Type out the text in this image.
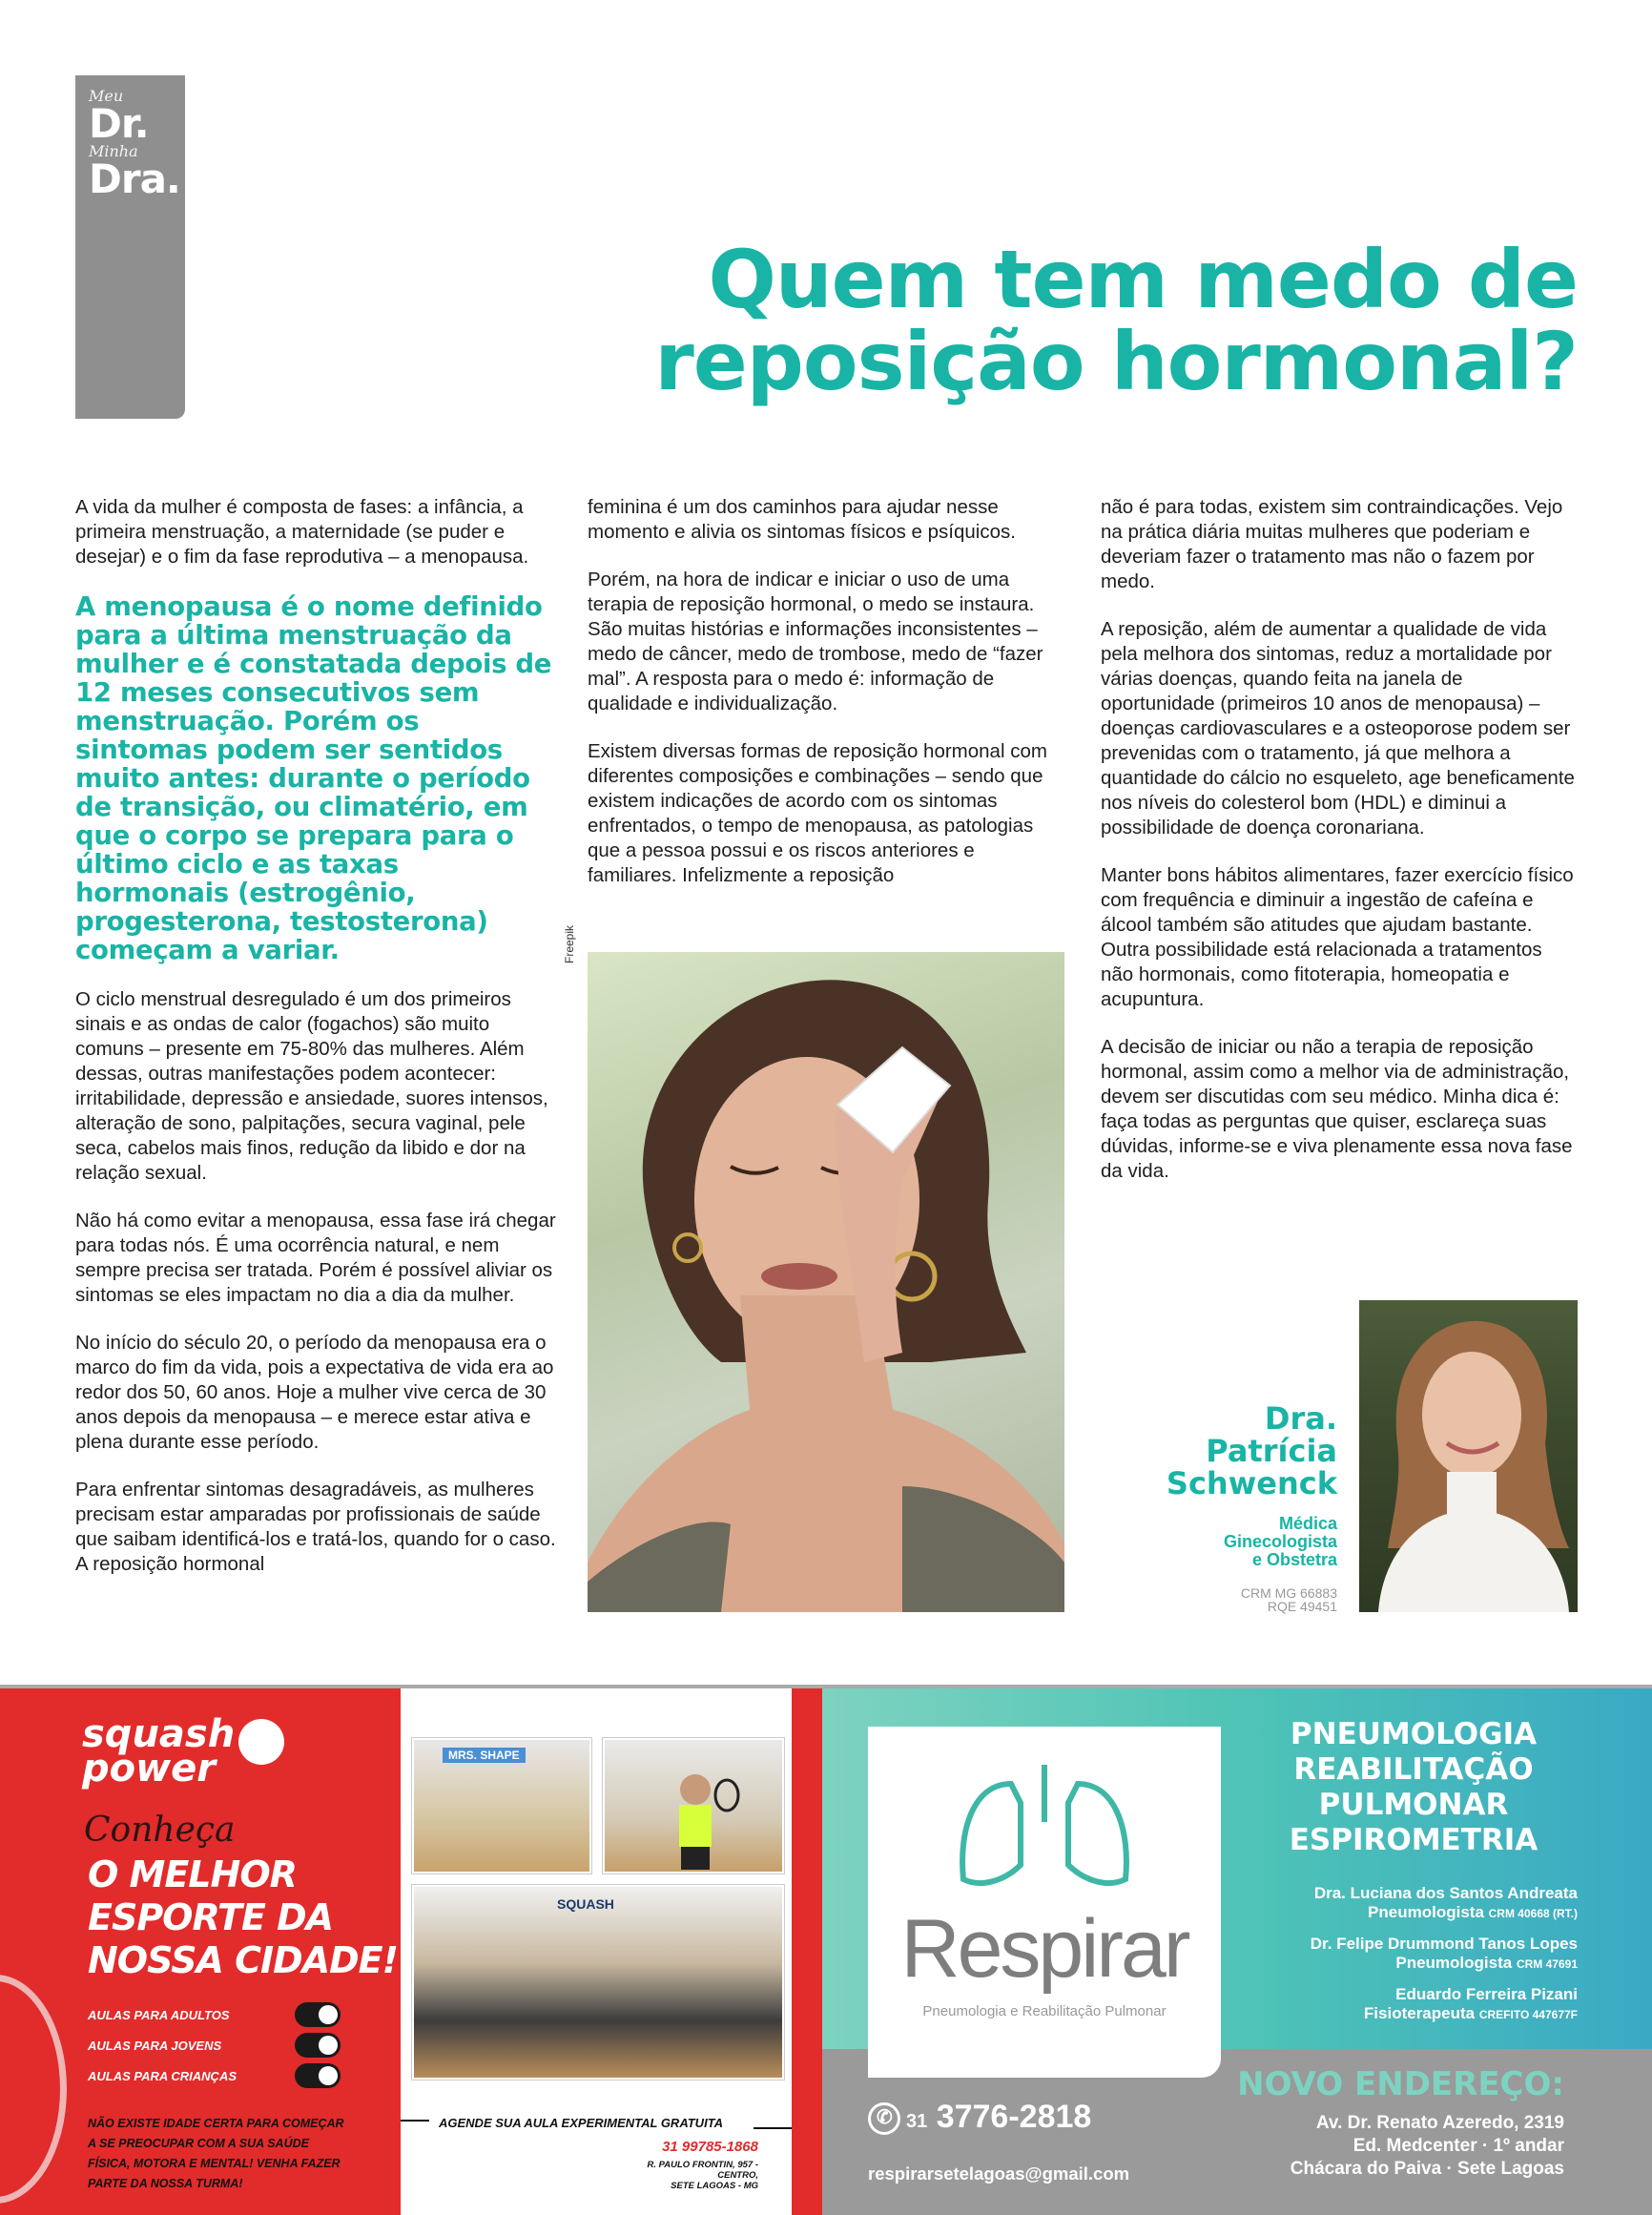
Meu
Dr.
Minha
Dra.
Quem tem medo de
reposição hormonal?

A vida da mulher é composta de fases: a infância, a primeira menstruação, a maternidade (se puder e desejar) e o fim da fase reprodutiva – a menopausa.

A menopausa é o nome definido para a última menstruação da mulher e é constatada depois de 12 meses consecutivos sem menstruação. Porém os sintomas podem ser sentidos muito antes: durante o período de transição, ou climatério, em que o corpo se prepara para o último ciclo e as taxas hormonais (estrogênio, progesterona, testosterona) começam a variar.

O ciclo menstrual desregulado é um dos primeiros sinais e as ondas de calor (fogachos) são muito comuns – presente em 75-80% das mulheres. Além dessas, outras manifestações podem acontecer: irritabilidade, depressão e ansiedade, suores intensos, alteração de sono, palpitações, secura vaginal, pele seca, cabelos mais finos, redução da libido e dor na relação sexual.

Não há como evitar a menopausa, essa fase irá chegar para todas nós. É uma ocorrência natural, e nem sempre precisa ser tratada. Porém é possível aliviar os sintomas se eles impactam no dia a dia da mulher.

No início do século 20, o período da menopausa era o marco do fim da vida, pois a expectativa de vida era ao redor dos 50, 60 anos. Hoje a mulher vive cerca de 30 anos depois da menopausa – e merece estar ativa e plena durante esse período.

Para enfrentar sintomas desagradáveis, as mulheres precisam estar amparadas por profissionais de saúde que saibam identificá-los e tratá-los, quando for o caso. A reposição hormonal

feminina é um dos caminhos para ajudar nesse momento e alivia os sintomas físicos e psíquicos.

Porém, na hora de indicar e iniciar o uso de uma terapia de reposição hormonal, o medo se instaura. São muitas histórias e informações inconsistentes – medo de câncer, medo de trombose, medo de “fazer mal”. A resposta para o medo é: informação de qualidade e individualização.

Existem diversas formas de reposição hormonal com diferentes composições e combinações – sendo que existem indicações de acordo com os sintomas enfrentados, o tempo de menopausa, as patologias que a pessoa possui e os riscos anteriores e familiares. Infelizmente a reposição

Freepik

não é para todas, existem sim contraindicações. Vejo na prática diária muitas mulheres que poderiam e deveriam fazer o tratamento mas não o fazem por medo.

A reposição, além de aumentar a qualidade de vida pela melhora dos sintomas, reduz a mortalidade por várias doenças, quando feita na janela de oportunidade (primeiros 10 anos de menopausa) – doenças cardiovasculares e a osteoporose podem ser prevenidas com o tratamento, já que melhora a quantidade do cálcio no esqueleto, age beneficamente nos níveis do colesterol bom (HDL) e diminui a possibilidade de doença coronariana.

Manter bons hábitos alimentares, fazer exercício físico com frequência e diminuir a ingestão de cafeína e álcool também são atitudes que ajudam bastante. Outra possibilidade está relacionada a tratamentos não hormonais, como fitoterapia, homeopatia e acupuntura.

A decisão de iniciar ou não a terapia de reposição hormonal, assim como a melhor via de administração, devem ser discutidas com seu médico. Minha dica é: faça todas as perguntas que quiser, esclareça suas dúvidas, informe-se e viva plenamente essa nova fase da vida.

Dra.
Patrícia
Schwenck
Médica
Ginecologista
e Obstetra
CRM MG 66883
RQE 49451
squash
power
Conheça
O MELHOR
ESPORTE DA
NOSSA CIDADE!
AULAS PARA ADULTOS
AULAS PARA JOVENS
AULAS PARA CRIANÇAS
NÃO EXISTE IDADE CERTA PARA COMEÇAR
A SE PREOCUPAR COM A SUA SAÚDE
FÍSICA, MOTORA E MENTAL! VENHA FAZER
PARTE DA NOSSA TURMA!
MRS. SHAPE
SQUASH
AGENDE SUA AULA EXPERIMENTAL GRATUITA
31 99785-1868
R. PAULO FRONTIN, 957 - CENTRO,
SETE LAGOAS - MG
Respirar
Pneumologia e Reabilitação Pulmonar
PNEUMOLOGIA
REABILITAÇÃO PULMONAR
ESPIROMETRIA
Dra. Luciana dos Santos Andreata
Pneumologista CRM 40668 (RT.)
Dr. Felipe Drummond Tanos Lopes
Pneumologista CRM 47691
Eduardo Ferreira Pizani
Fisioterapeuta CREFITO 447677F
NOVO ENDEREÇO:
Av. Dr. Renato Azeredo, 2319
Ed. Medcenter · 1º andar
Chácara do Paiva · Sete Lagoas
✆31 3776-2818
respirarsetelagoas@gmail.com
